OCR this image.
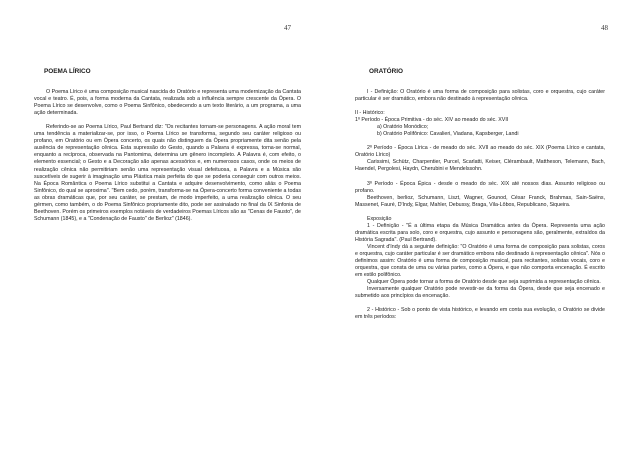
47	48
POEMA LÍRICO
O Poema Lírico é uma composição musical nascida do Oratório e representa uma modernização da Cantata vocal e teatro. É, pois, a forma moderna da Cantata, realizada sob a influência sempre crescente da Ópera. O Poema Lírico se desenvolve, como o Poema Sinfônico, obedecendo a um texto literário, a um programa, a uma ação determinada.
Referindo-se ao Poema Lírico, Paul Bertrand diz: "Os recitantes tornam-se personagens. A ação moral tem uma tendência a materializar-se, por isso, o Poema Lírico se transforma, segundo seu caráter religioso ou profano, em Oratório ou em Ópera concerto, os quais não distinguem da Ópera propriamente dita senão pela ausência de representação cênica. Esta supressão do Gesto, quando a Palavra é expressa, torna-se normal, enquanto a recíproca, observada na Pantomima, determina um gênero incompleto. A Palavra é, com efeito, o elemento essencial; o Gesto e a Decoração são apenas acessórios e, em numerosos casos, onde os meios de realização cênica não permitiriam senão uma representação visual defeituosa, a Palavra e a Música são suscetíveis de sugerir à imaginação uma Plástica mais perfeita do que se poderia conseguir com outros meios. Na Época Romântica o Poema Lírico substitui a Cantata e adquire desenvolvimento, como aliás o Poema Sinfônico, do qual se aproxima". "Bem cedo, porém, transforma-se na Ópera-concerto forma conveniente a todas as obras dramáticas que, por seu caráter, se prestam, de modo imperfeito, a uma realização cênica. O seu gérmen, como também, o do Poema Sinfônico propriamente dito, pode ser assinalado no final da IX Sinfonia de Beethoven. Porém os primeiros exemplos notáveis de verdadeiros Poemas Líricos são as "Cenas de Fausto", de Schumann (1845), e a "Condenação de Fausto" de Berlioz" (1846).
ORATÓRIO
I - Definição: O Oratório é uma forma de composição para solistas, coro e orquestra, cujo caráter particular é ser dramático, embora não destinado à representação cênica.
II - Histórico:
1º Período - Época Primitiva - do séc. XIV ao meado do séc. XVII
a) Oratório Monódico;
b) Oratório Polifônico: Cavalieri, Viadana, Kapsberger, Landi
2º Período - Época Lírica - de meado do séc. XVII ao meado do séc. XIX (Poema Lírico e cantata, Oratório Lírico)
Carissimi, Schütz, Charpentier, Purcel, Scarlatti, Keiser, Clérambault, Mattheson, Telemann, Bach, Haendel, Pergolesi, Haydn, Cherubini e Mendelssohn.
3º Período - Época Épica - desde o meado do séc. XIX até nossos dias. Assunto religioso ou profano.
Beethoven, berlioz, Schumann, Liszt, Wagner, Gounod, César Franck, Brahmas, Sain-Saëns, Massenet, Fauré, D'Indy, Elgar, Mahler, Debussy, Braga, Vila-Lôbos, Republicano, Siqueira.
Exposição
1 - Definição - "É a última etapa da Música Dramática antes da Ópera. Representa uma ação dramática escrita para solo, coro e orquestra, cujo assunto e personagens são, geralmente, extraídos da História Sagrada". (Paul Bertrand).
Vincent d'Indy dá a seguinte definição: "O Oratório é uma forma de composição para solistas, coros e orquestra, cujo caráter particular é ser dramático embora não destinado à representação cênica". Nós o definimos assim: Oratório é uma forma de composição musical, para recitantes, solistas vocais, coro e orquestra, que consta de uma ou várias partes, como a Ópera, e que não comporta encenação. É escrito em estilo polifônico.
Qualquer Ópera pode tornar a forma de Oratório desde que seja suprimida a representação cênica.
Inversamente qualquer Oratório pode revestir-se da forma da Ópera, desde que seja encenado e submetido aos princípios da encenação.
2 - Histórico - Sob o ponto de vista histórico, e levando em conta sua evolução, o Oratório se divide em três períodos:
